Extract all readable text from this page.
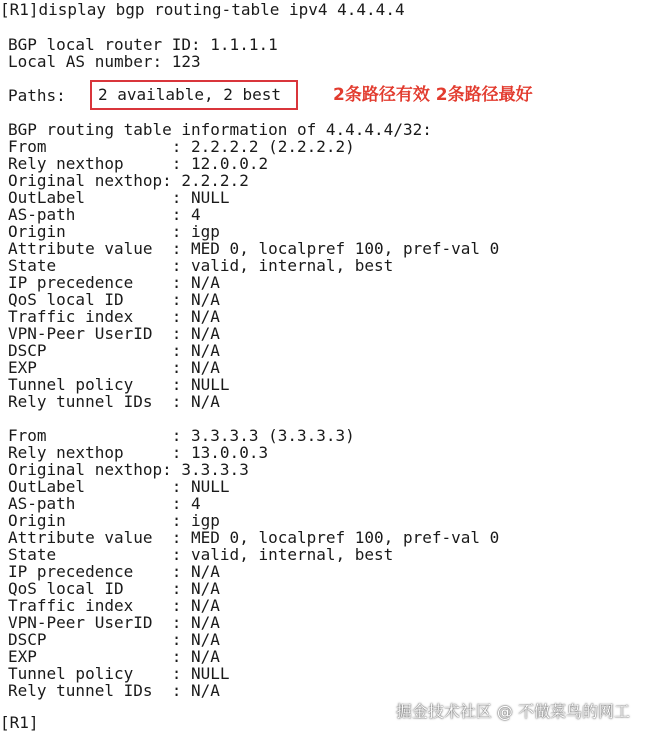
[R1]display bgp routing-table ipv4 4.4.4.4
BGP local router ID: 1.1.1.1
Local AS number: 123
Paths: 2 available, 2 best	2条路径有效 2条路径最好
BGP routing table information of 4.4.4.4/32:
From             : 2.2.2.2 (2.2.2.2)
Rely nexthop     : 12.0.0.2
Original nexthop: 2.2.2.2
OutLabel         : NULL
AS-path          : 4
Origin           : igp
Attribute value  : MED 0, localpref 100, pref-val 0
State            : valid, internal, best
IP precedence    : N/A
QoS local ID     : N/A
Traffic index    : N/A
VPN-Peer UserID  : N/A
DSCP             : N/A
EXP              : N/A
Tunnel policy    : NULL
Rely tunnel IDs  : N/A
From             : 3.3.3.3 (3.3.3.3)
Rely nexthop     : 13.0.0.3
Original nexthop: 3.3.3.3
OutLabel         : NULL
AS-path          : 4
Origin           : igp
Attribute value  : MED 0, localpref 100, pref-val 0
State            : valid, internal, best
IP precedence    : N/A
QoS local ID     : N/A
Traffic index    : N/A
VPN-Peer UserID  : N/A
DSCP             : N/A
EXP              : N/A
Tunnel policy    : NULL
Rely tunnel IDs  : N/A
[R1]
掘金技术社区 @ 不做菜鸟的网工
